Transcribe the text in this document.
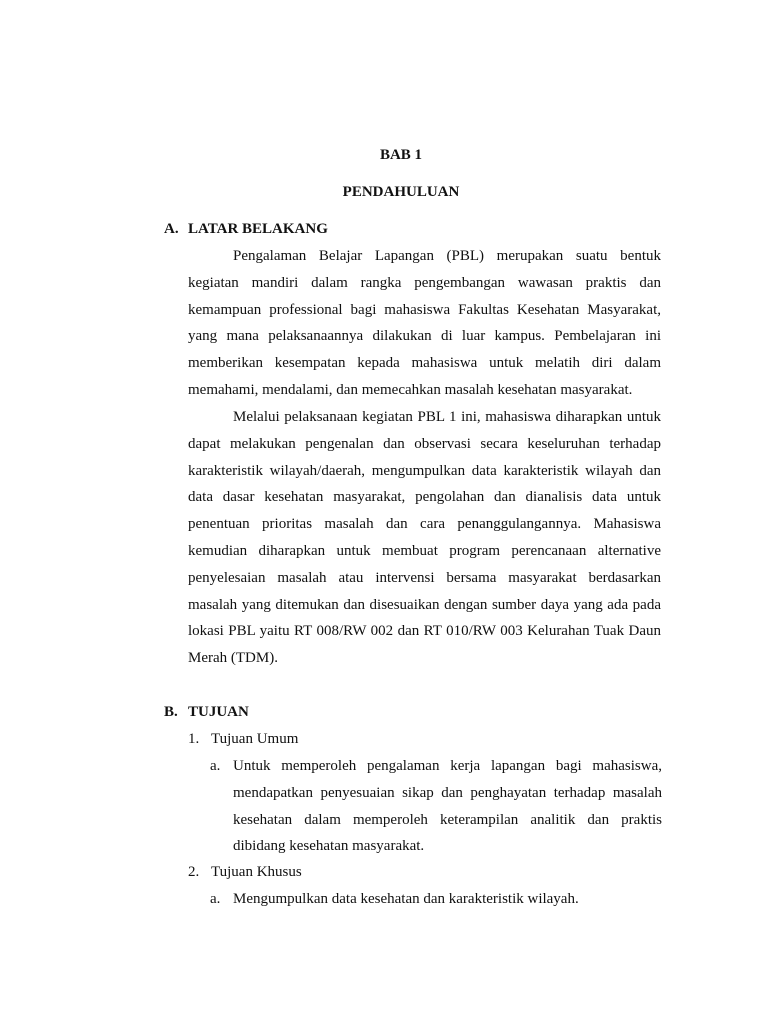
BAB 1
PENDAHULUAN
A. LATAR BELAKANG

Pengalaman Belajar Lapangan (PBL) merupakan suatu bentuk kegiatan mandiri dalam rangka pengembangan wawasan praktis dan kemampuan professional bagi mahasiswa Fakultas Kesehatan Masyarakat, yang mana pelaksanaannya dilakukan di luar kampus. Pembelajaran ini memberikan kesempatan kepada mahasiswa untuk melatih diri dalam memahami, mendalami, dan memecahkan masalah kesehatan masyarakat.

Melalui pelaksanaan kegiatan PBL 1 ini, mahasiswa diharapkan untuk dapat melakukan pengenalan dan observasi secara keseluruhan terhadap karakteristik wilayah/daerah, mengumpulkan data karakteristik wilayah dan data dasar kesehatan masyarakat, pengolahan dan dianalisis data untuk penentuan prioritas masalah dan cara penanggulangannya. Mahasiswa kemudian diharapkan untuk membuat program perencanaan alternative penyelesaian masalah atau intervensi bersama masyarakat berdasarkan masalah yang ditemukan dan disesuaikan dengan sumber daya yang ada pada lokasi PBL yaitu RT 008/RW 002 dan RT 010/RW 003 Kelurahan Tuak Daun Merah (TDM).

B. TUJUAN
1. Tujuan Umum
a. Untuk memperoleh pengalaman kerja lapangan bagi mahasiswa, mendapatkan penyesuaian sikap dan penghayatan terhadap masalah kesehatan dalam memperoleh keterampilan analitik dan praktis dibidang kesehatan masyarakat.
2. Tujuan Khusus
a. Mengumpulkan data kesehatan dan karakteristik wilayah.
